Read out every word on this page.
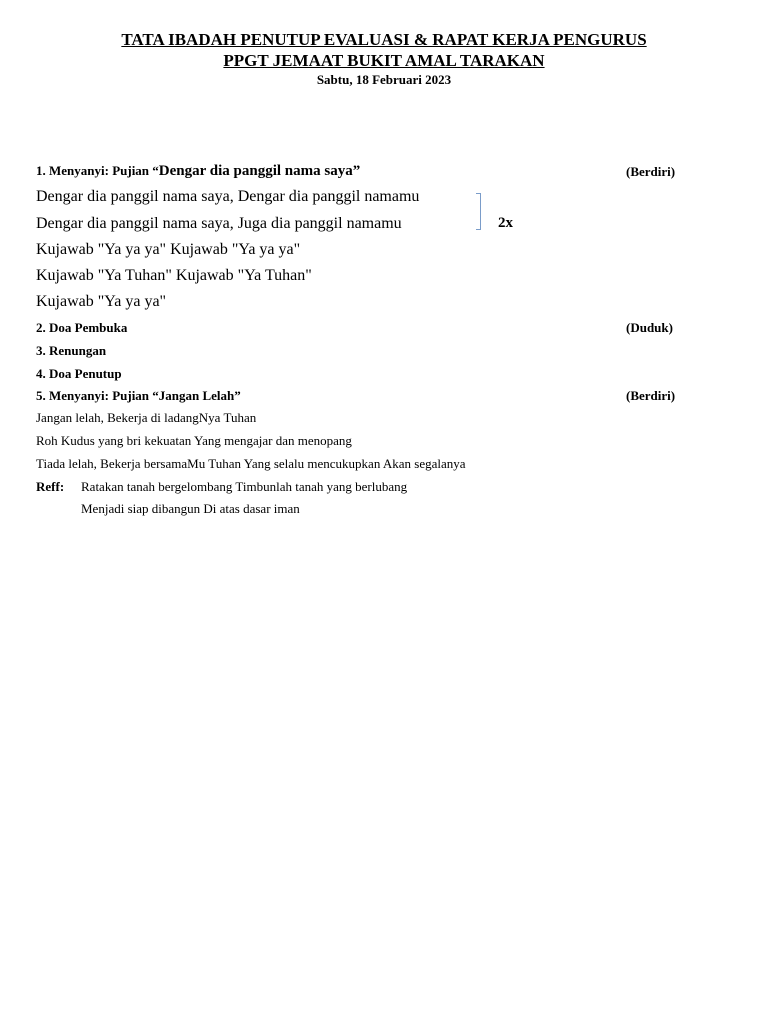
TATA IBADAH PENUTUP EVALUASI & RAPAT KERJA PENGURUS
PPGT JEMAAT BUKIT AMAL TARAKAN
Sabtu, 18 Februari 2023
1. Menyanyi: Pujian “Dengar dia panggil nama saya”	(Berdiri)
Dengar dia panggil nama saya, Dengar dia panggil namamu
Dengar dia panggil nama saya, Juga dia panggil namamu	2x
Kujawab "Ya ya ya" Kujawab "Ya ya ya"
Kujawab "Ya Tuhan" Kujawab "Ya Tuhan"
Kujawab "Ya ya ya"
2. Doa Pembuka	(Duduk)
3. Renungan
4. Doa Penutup
5. Menyanyi: Pujian “Jangan Lelah”	(Berdiri)
Jangan lelah, Bekerja di ladangNya Tuhan
Roh Kudus yang bri kekuatan Yang mengajar dan menopang
Tiada lelah, Bekerja bersamaMu Tuhan Yang selalu mencukupkan Akan segalanya
Reff: Ratakan tanah bergelombang Timbunlah tanah yang berlubang
Menjadi siap dibangun Di atas dasar iman
